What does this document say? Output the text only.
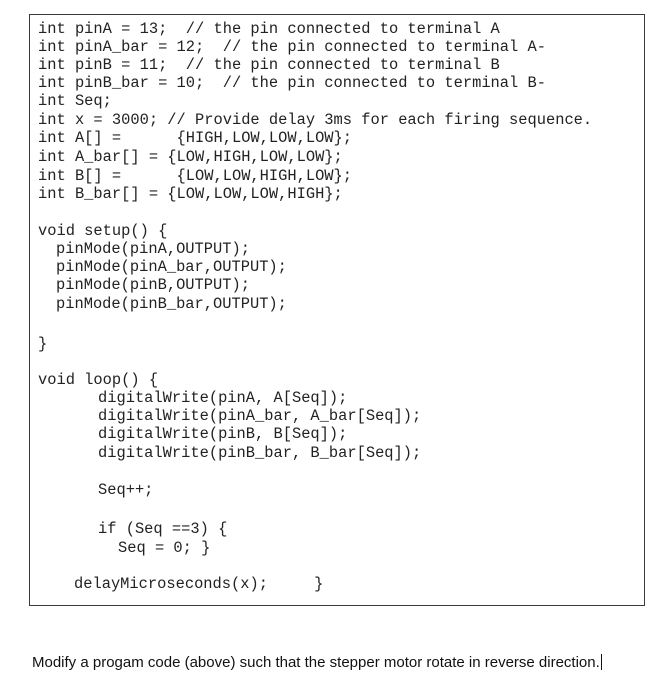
int pinA = 13;  // the pin connected to terminal A
int pinA_bar = 12;  // the pin connected to terminal A-
int pinB = 11;  // the pin connected to terminal B
int pinB_bar = 10;  // the pin connected to terminal B-
int Seq;
int x = 3000; // Provide delay 3ms for each firing sequence.
int A[] =      {HIGH,LOW,LOW,LOW};
int A_bar[] = {LOW,HIGH,LOW,LOW};
int B[] =      {LOW,LOW,HIGH,LOW};
int B_bar[] = {LOW,LOW,LOW,HIGH};
void setup() {
pinMode(pinA,OUTPUT);
pinMode(pinA_bar,OUTPUT);
pinMode(pinB,OUTPUT);
pinMode(pinB_bar,OUTPUT);
}
void loop() {
digitalWrite(pinA, A[Seq]);
digitalWrite(pinA_bar, A_bar[Seq]);
digitalWrite(pinB, B[Seq]);
digitalWrite(pinB_bar, B_bar[Seq]);
Seq++;
if (Seq ==3) {
Seq = 0; }
delayMicroseconds(x);     }
Modify a progam code (above) such that the stepper motor rotate in reverse direction.
